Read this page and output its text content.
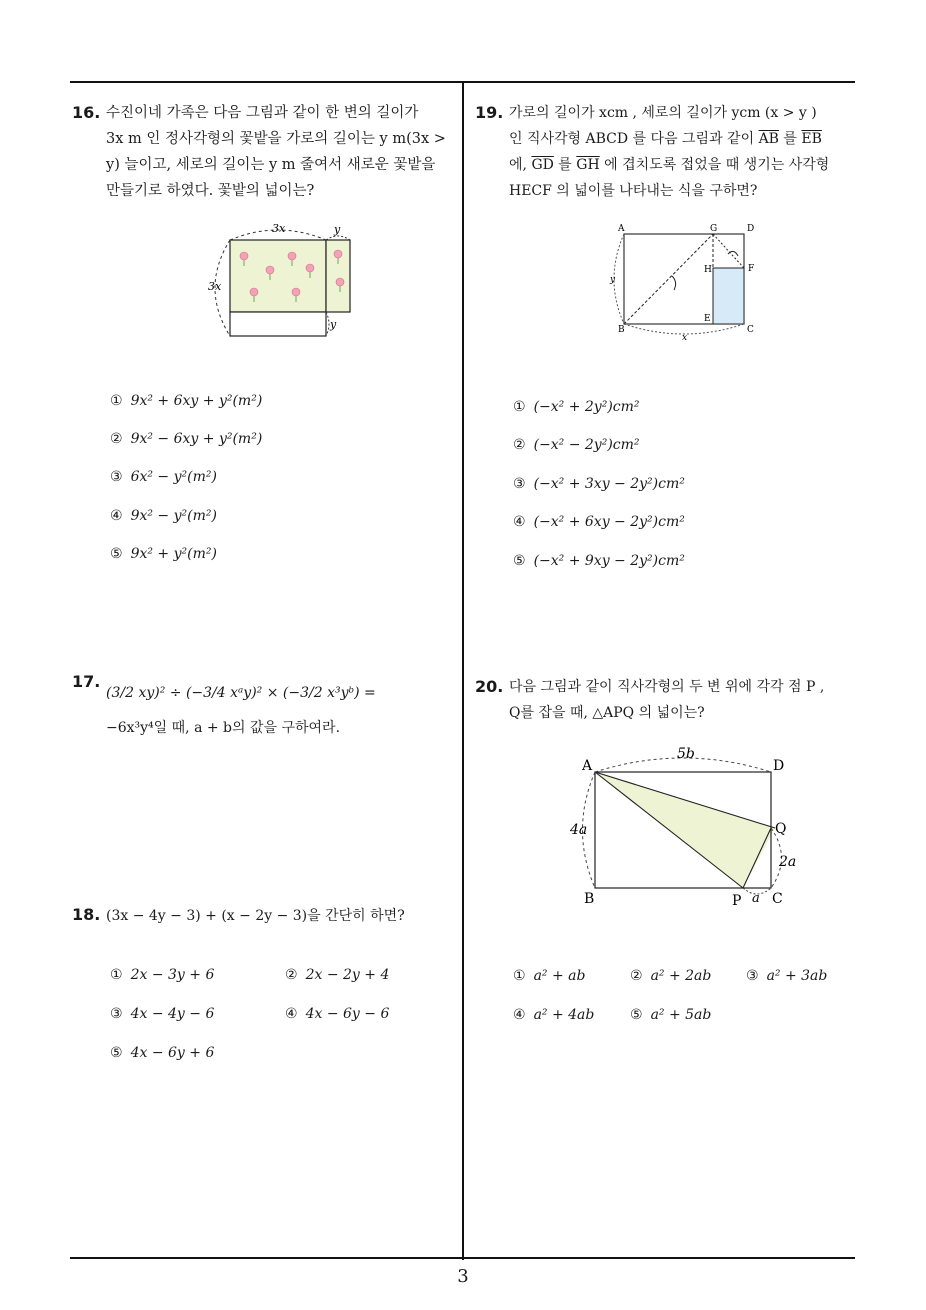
16. 수진이네 가족은 다음 그림과 같이 한 변의 길이가
3x m 인 정사각형의 꽃밭을 가로의 길이는 y m(3x >
y) 늘이고, 세로의 길이는 y m 줄여서 새로운 꽃밭을
만들기로 하였다. 꽃밭의 넓이는?
3x
3x
y
y
① 9x² + 6xy + y²(m²)
② 9x² − 6xy + y²(m²)
③ 6x² − y²(m²)
④ 9x² − y²(m²)
⑤ 9x² + y²(m²)
17.
(3/2 xy)² ÷ (−3/4 xᵃy)² × (−3/2 x³yᵇ) =
−6x³y⁴일 때, a + b의 값을 구하여라.
18. (3x − 4y − 3) + (x − 2y − 3)을 간단히 하면?
① 2x − 3y + 6	② 2x − 2y + 4
③ 4x − 4y − 6	④ 4x − 6y − 6
⑤ 4x − 6y + 6
19. 가로의 길이가 xcm , 세로의 길이가 ycm (x > y )
인 직사각형 ABCD 를 다음 그림과 같이 $\overline{AB}$ 를 $\overline{EB}$
에, $\overline{GD}$ 를 $\overline{GH}$ 에 겹치도록 접었을 때 생기는 사각형
HECF 의 넓이를 나타내는 식을 구하면?
A	G	D
H	F
E
B	C
x
y
① (−x² + 2y²)cm²
② (−x² − 2y²)cm²
③ (−x² + 3xy − 2y²)cm²
④ (−x² + 6xy − 2y²)cm²
⑤ (−x² + 9xy − 2y²)cm²
20. 다음 그림과 같이 직사각형의 두 변 위에 각각 점 P ,
Q를 잡을 때, △APQ 의 넓이는?
A	D
B	C
P
Q
5b
4a
2a
a
① a² + ab	② a² + 2ab ③ a² + 3ab
④ a² + 4ab	⑤ a² + 5ab
3
